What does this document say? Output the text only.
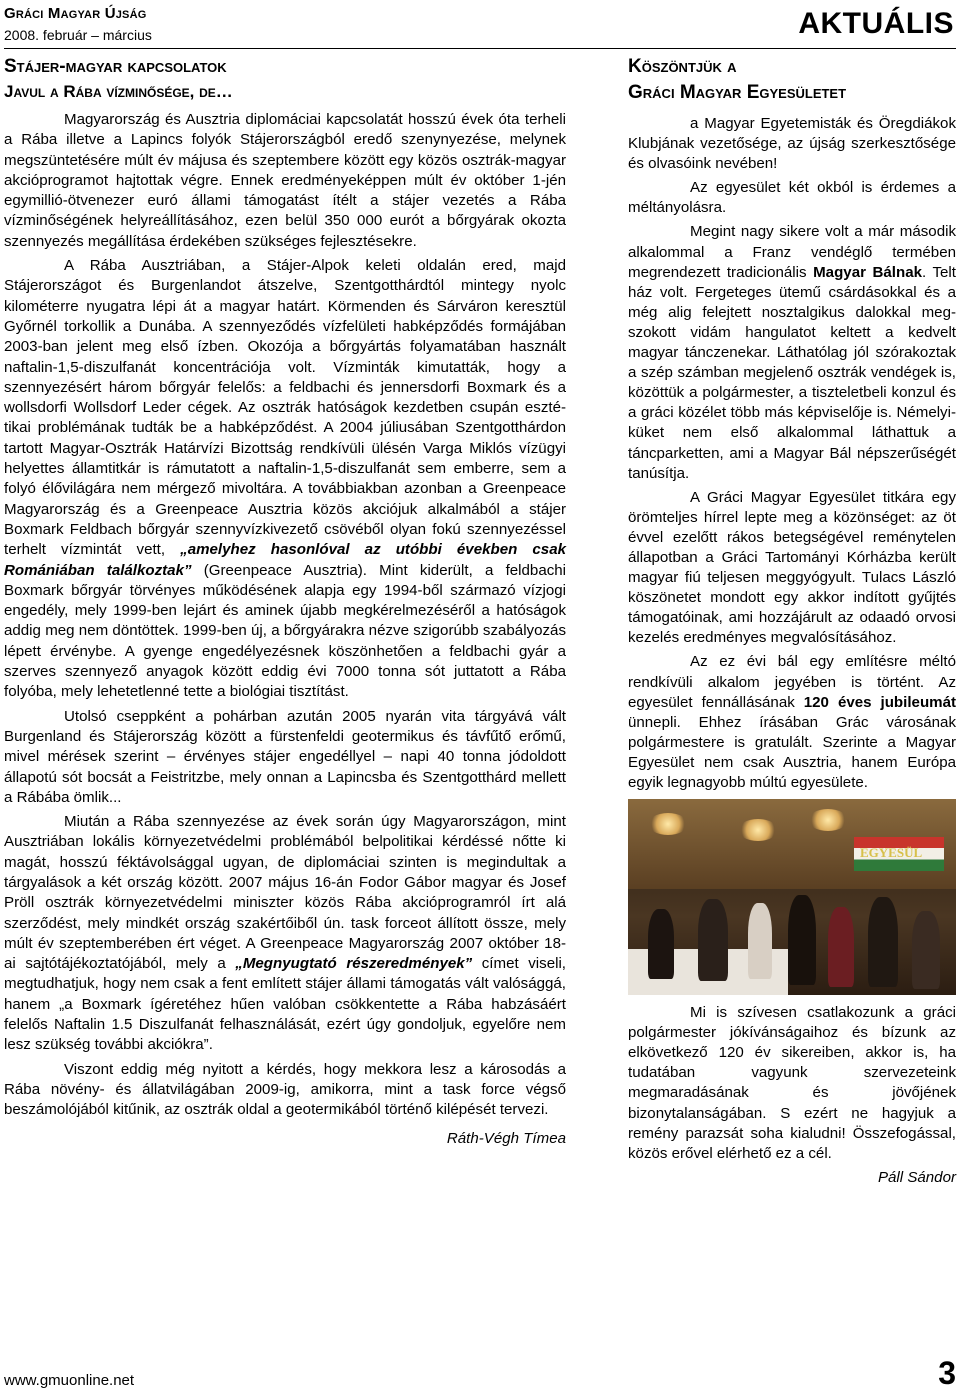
Gráci Magyar Újság
2008. február – március	AKTUÁLIS
Stájer-magyar kapcsolatok
Javul a Rába vízminősége, de…

Magyarország és Ausztria diplomáciai kapcsolatát hosszú évek óta terheli a Rába illetve a Lapincs folyók Stájerországból eredő szenynyezése, melynek megszüntetésére múlt év májusa és szeptembere között egy közös osztrák-magyar akcióprogramot hajtottak végre. Ennek eredményeképpen múlt év október 1-jén egymillió-ötvenezer euró állami támogatást ítélt a stájer vezetés a Rába vízminőségének helyreállításához, ezen belül 350 000 eurót a bőrgyárak okozta szennyezés megállítása érdekében szükséges fejlesztésekre.

A Rába Ausztriában, a Stájer-Alpok keleti oldalán ered, majd Stájerországot és Burgenlandot átszelve, Szentgotthárdtól mintegy nyolc kilométerre nyugatra lépi át a magyar határt. Körmenden és Sárváron keresztül Győrnél torkollik a Dunába. A szennyeződés vízfelületi habképződés formájában 2003-ban jelent meg első ízben. Okozója a bőrgyártás folyamatában használt naftalin-1,5-diszulfanát koncentrációja volt. Vízminták kimutatták, hogy a szennyezésért három bőrgyár felelős: a feldbachi és jennersdorfi Boxmark és a wollsdorfi Wollsdorf Leder cégek. Az osztrák hatóságok kezdetben csupán esztétikai problémának tudták be a habképződést. A 2004 júliusában Szentgotthárdon tartott Magyar-Osztrák Határvízi Bizottság rendkívüli ülésén Varga Miklós vízügyi helyettes államtitkár is rámutatott a naftalin-1,5-diszulfanát sem emberre, sem a folyó élővilágára nem mérgező mivoltára. A továbbiakban azonban a Greenpeace Magyarország és a Greenpeace Ausztria közös akciójuk alkalmából a stájer Boxmark Feldbach bőrgyár szennyvízkivezető csövéből olyan fokú szennyezéssel terhelt vízmintát vett, „amelyhez hasonlóval az utóbbi években csak Romániában találkoztak” (Greenpeace Ausztria). Mint kiderült, a feldbachi Boxmark bőrgyár törvényes működésének alapja egy 1994-ből származó vízjogi engedély, mely 1999-ben lejárt és aminek újabb megkérelmezéséről a hatóságok addig meg nem döntöttek. 1999-ben új, a bőrgyárakra nézve szigorúbb szabályozás lépett érvénybe. A gyenge engedélyezésnek köszönhetően a feldbachi gyár a szerves szennyező anyagok között eddig évi 7000 tonna sót juttatott a Rába folyóba, mely lehetetlenné tette a biológiai tisztítást.

Utolsó cseppként a pohárban azután 2005 nyarán vita tárgyává vált Burgenland és Stájerország között a fürstenfeldi geotermikus és távfűtő erőmű, mivel mérések szerint – érvényes stájer engedéllyel – napi 40 tonna jódoldott állapotú sót bocsát a Feistritzbe, mely onnan a Lapincsba és Szentgotthárd mellett a Rábába ömlik...

Miután a Rába szennyezése az évek során úgy Magyarországon, mint Ausztriában lokális környezetvédelmi problémából belpolitikai kérdéssé nőtte ki magát, hosszú féktávolsággal ugyan, de diplomáciai szinten is megindultak a tárgyalások a két ország között. 2007 május 16-án Fodor Gábor magyar és Josef Pröll osztrák környezetvédelmi miniszter közös Rába akcióprogramról írt alá szerződést, mely mindkét ország szakértőiből ún. task forceot állított össze, mely múlt év szeptemberében ért véget. A Greenpeace Magyarország 2007 október 18-ai sajtótájékoztatójából, mely a „Megnyugtató részeredmények” címet viseli, megtudhatjuk, hogy nem csak a fent említett stájer állami támogatás vált valósággá, hanem „a Boxmark ígéretéhez hűen valóban csökkentette a Rába habzásáért felelős Naftalin 1.5 Diszulfanát felhasználását, ezért úgy gondoljuk, egyelőre nem lesz szükség további akciókra”.

Viszont eddig még nyitott a kérdés, hogy mekkora lesz a károsodás a Rába növény- és állatvilágában 2009-ig, amikorra, mint a task force végső beszámolójából kitűnik, az osztrák oldal a geotermikából történő kilépését tervezi.

Ráth-Végh Tímea

Köszöntjük a
Gráci Magyar Egyesületet

a Magyar Egyetemisták és Öregdiákok Klubjának vezetősége, az újság szerkesztősége és olvasóink nevében!

Az egyesület két okból is érdemes a méltányolásra.

Megint nagy sikere volt a már második alkalommal a Franz vendéglő termében megrendezett tradicionális Magyar Bálnak. Telt ház volt. Fergeteges ütemű csárdásokkal és a még alig felejtett nosztalgikus dalokkal megszokott vidám hangulatot keltett a kedvelt magyar tánczenekar. Láthatólag jól szórakoztak a szép számban megjelenő osztrák vendégek is, közöttük a polgármester, a tiszteletbeli konzul és a gráci közélet több más képviselője is. Némelyiküket nem első alkalommal láthattuk a táncparketten, ami a Magyar Bál népszerűségét tanúsítja.

A Gráci Magyar Egyesület titkára egy örömteljes hírrel lepte meg a közönséget: az öt évvel ezelőtt rákos betegségével reménytelen állapotban a Gráci Tartományi Kórházba került magyar fiú teljesen meggyógyult. Tulacs László köszönetet mondott egy akkor indított gyűjtés támogatóinak, ami hozzájárult az odaadó orvosi kezelés eredményes megvalósításához.

Az ez évi bál egy említésre méltó rendkívüli alkalom jegyében is történt. Az egyesület fennállásának 120 éves jubileumát ünnepli. Ehhez írásában Grác városának polgármestere is gratulált. Szerinte a Magyar Egyesület nem csak Ausztria, hanem Európa egyik legnagyobb múltú egyesülete.

EGYESÜL

Mi is szívesen csatlakozunk a gráci polgármester jókívánságaihoz és bízunk az elkövetkező 120 év sikereiben, akkor is, ha tudatában vagyunk szervezeteink megmaradásának és jövőjének bizonytalanságában. S ezért ne hagyjuk a remény parazsát soha kialudni! Összefogással, közös erővel elérhető ez a cél.

Páll Sándor

www.gmuonline.net	3
